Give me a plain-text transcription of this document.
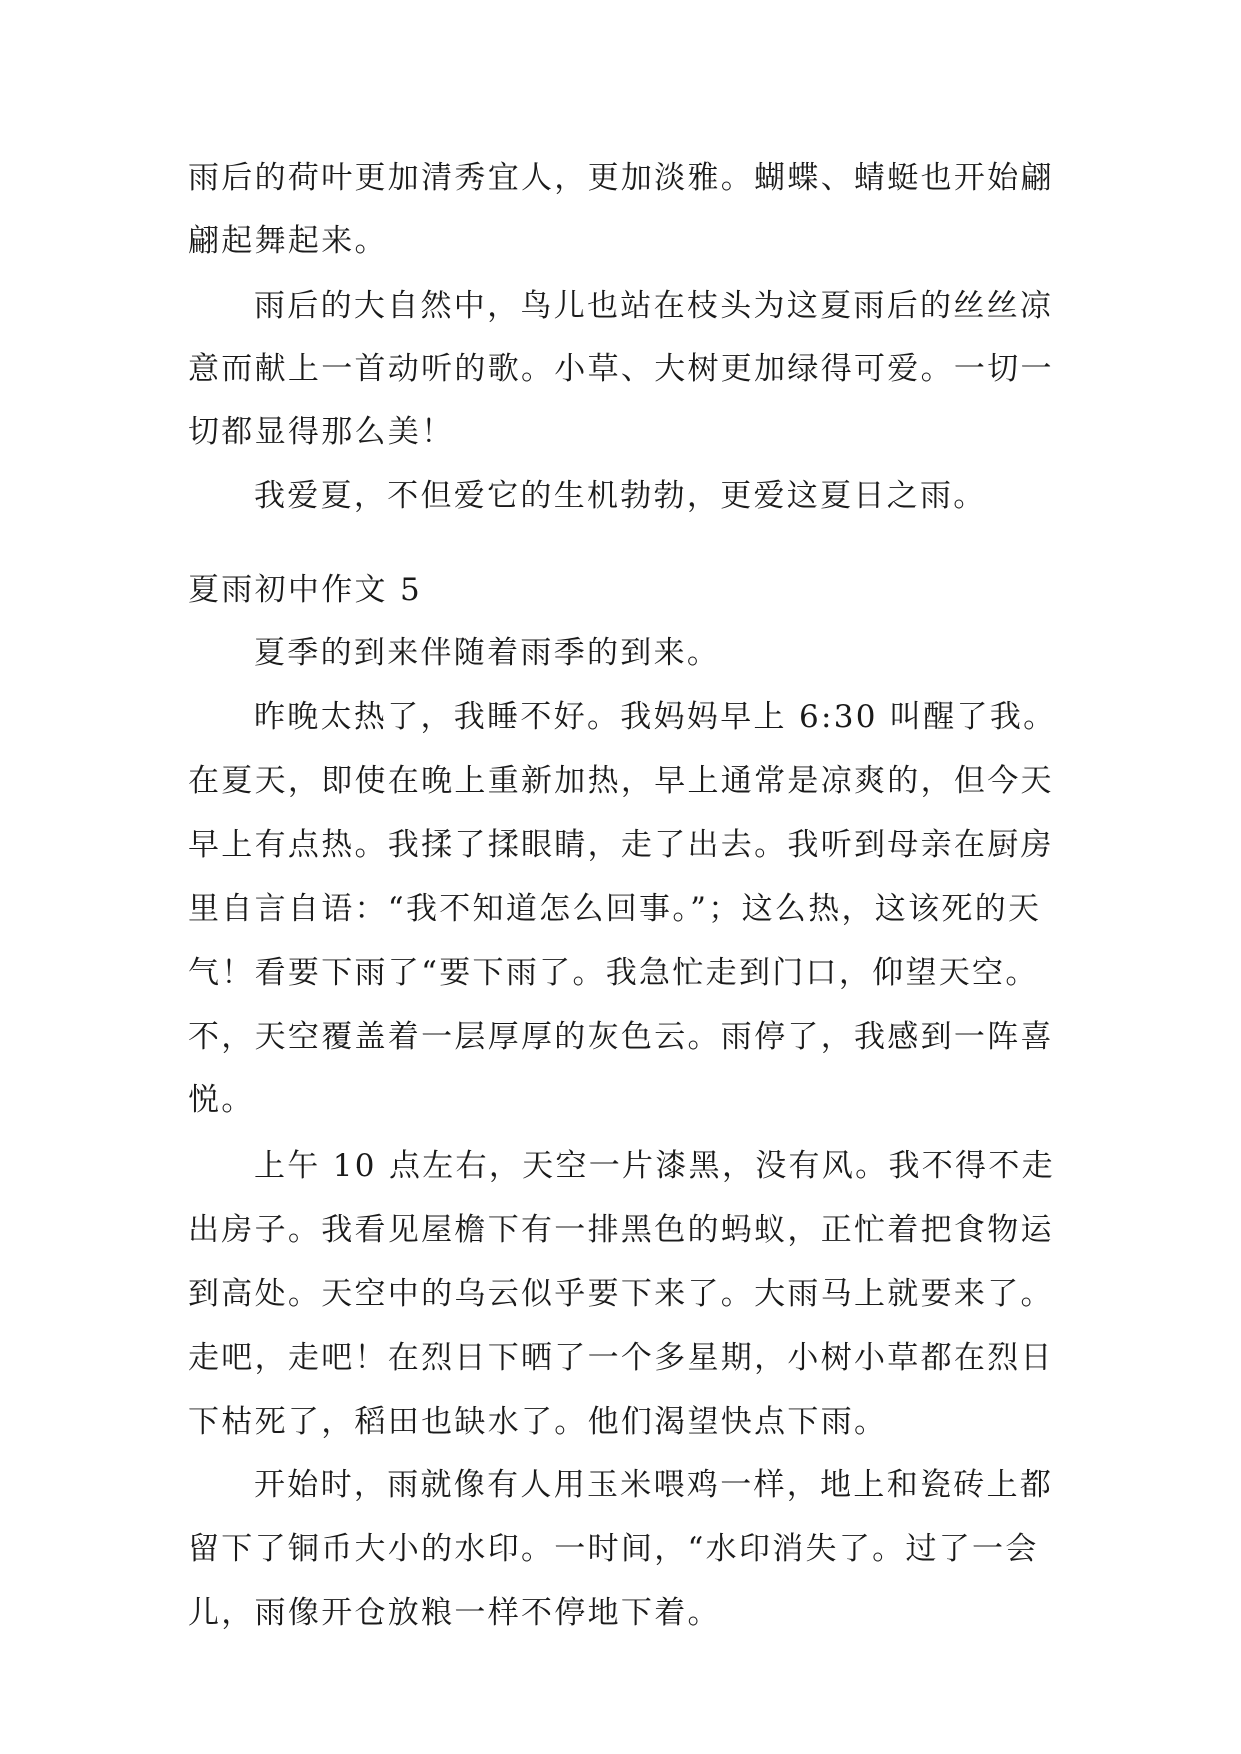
雨后的荷叶更加清秀宜人，更加淡雅。蝴蝶、蜻蜓也开始翩

翩起舞起来。

雨后的大自然中，鸟儿也站在枝头为这夏雨后的丝丝凉

意而献上一首动听的歌。小草、大树更加绿得可爱。一切一

切都显得那么美！

我爱夏，不但爱它的生机勃勃，更爱这夏日之雨。

夏雨初中作文 5

夏季的到来伴随着雨季的到来。

昨晚太热了，我睡不好。我妈妈早上 6:30 叫醒了我。

在夏天，即使在晚上重新加热，早上通常是凉爽的，但今天

早上有点热。我揉了揉眼睛，走了出去。我听到母亲在厨房

里自言自语：“我不知道怎么回事。”；这么热，这该死的天

气！看要下雨了“要下雨了。我急忙走到门口，仰望天空。

不，天空覆盖着一层厚厚的灰色云。雨停了，我感到一阵喜

悦。

上午 10 点左右，天空一片漆黑，没有风。我不得不走

出房子。我看见屋檐下有一排黑色的蚂蚁，正忙着把食物运

到高处。天空中的乌云似乎要下来了。大雨马上就要来了。

走吧，走吧！在烈日下晒了一个多星期，小树小草都在烈日

下枯死了，稻田也缺水了。他们渴望快点下雨。

开始时，雨就像有人用玉米喂鸡一样，地上和瓷砖上都

留下了铜币大小的水印。一时间，“水印消失了。过了一会

儿，雨像开仓放粮一样不停地下着。
